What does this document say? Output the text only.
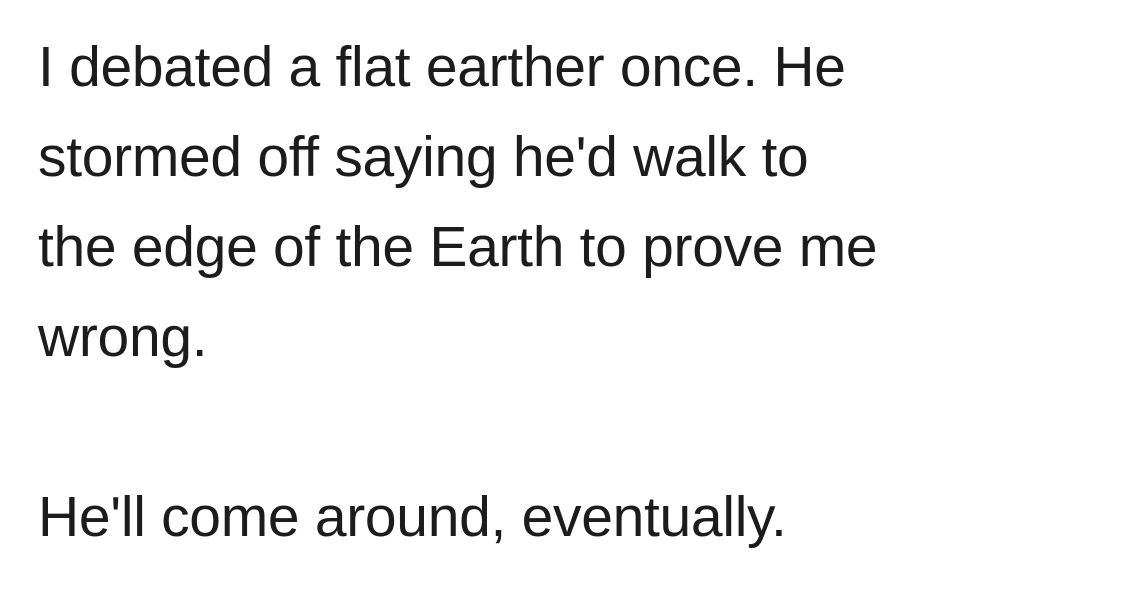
I debated a flat earther once. He
stormed off saying he'd walk to
the edge of the Earth to prove me
wrong.

He'll come around, eventually.
